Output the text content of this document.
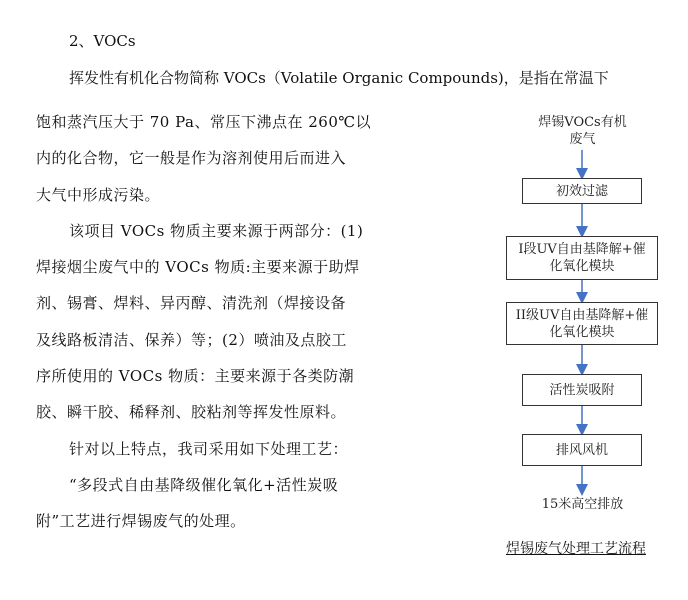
2、VOCs
挥发性有机化合物简称 VOCs（Volatile Organic Compounds)，是指在常温下
饱和蒸汽压大于 70 Pa、常压下沸点在 260℃以
内的化合物，它一般是作为溶剂使用后而进入
大气中形成污染。
该项目 VOCs 物质主要来源于两部分：(1)
焊接烟尘废气中的 VOCs 物质:主要来源于助焊
剂、锡膏、焊料、异丙醇、清洗剂（焊接设备
及线路板清洁、保养）等；(2）喷油及点胶工
序所使用的 VOCs 物质：主要来源于各类防潮
胶、瞬干胶、稀释剂、胶粘剂等挥发性原料。
针对以上特点，我司采用如下处理工艺：
“多段式自由基降级催化氧化+活性炭吸
附”工艺进行焊锡废气的处理。
焊锡VOCs有机
废气
初效过滤
I段UV自由基降解+催
化氧化模块
II级UV自由基降解+催
化氧化模块
活性炭吸附
排风风机
15米高空排放
焊锡废气处理工艺流程
